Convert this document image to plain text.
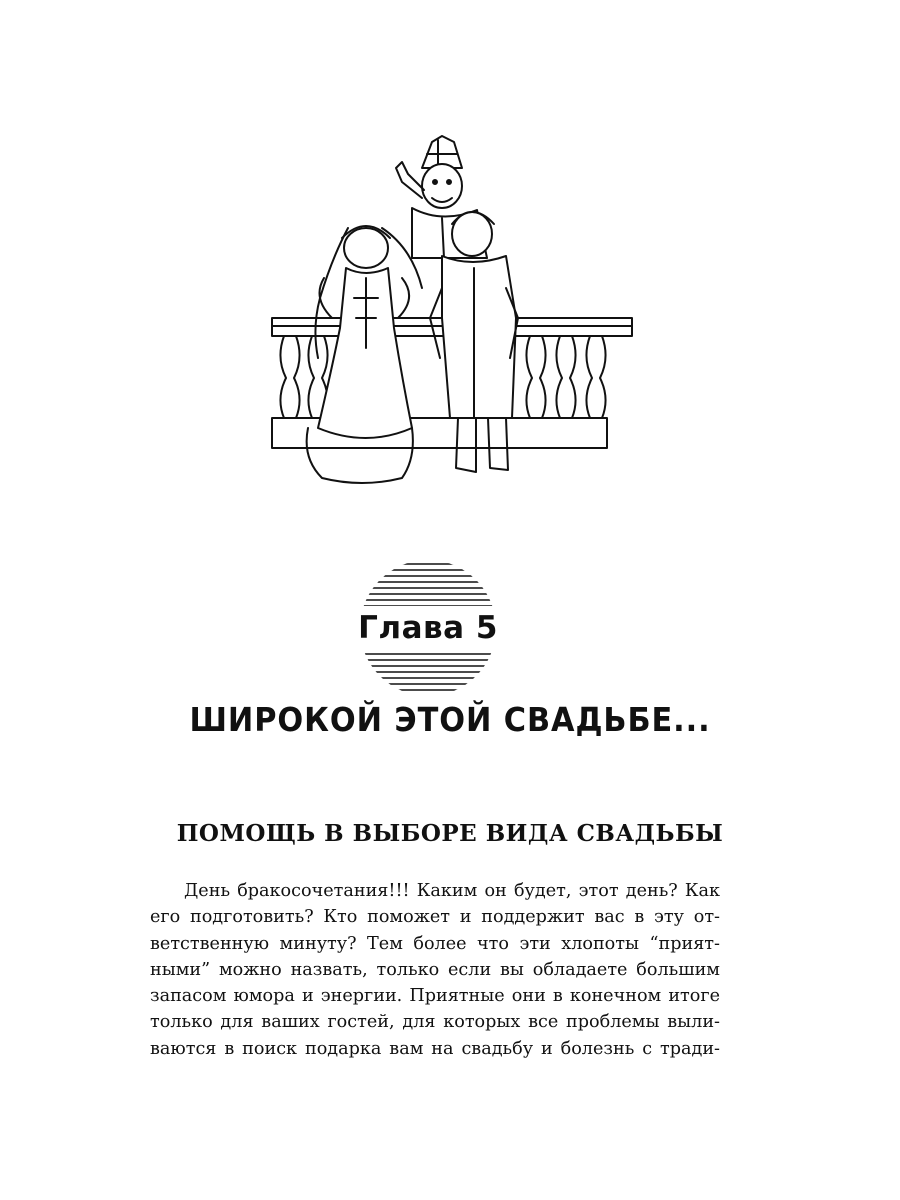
Глава 5
ШИРОКОЙ ЭТОЙ СВАДЬБЕ...
ПОМОЩЬ В ВЫБОРЕ ВИДА СВАДЬБЫ
День бракосочетания!!! Каким он будет, этот день? Как
его подготовить? Кто поможет и поддержит вас в эту от-
ветственную минуту? Тем более что эти хлопоты “прият-
ными” можно назвать, только если вы обладаете большим
запасом юмора и энергии. Приятные они в конечном итоге
только для ваших гостей, для которых все проблемы выли-
ваются в поиск подарка вам на свадьбу и болезнь с тради-
